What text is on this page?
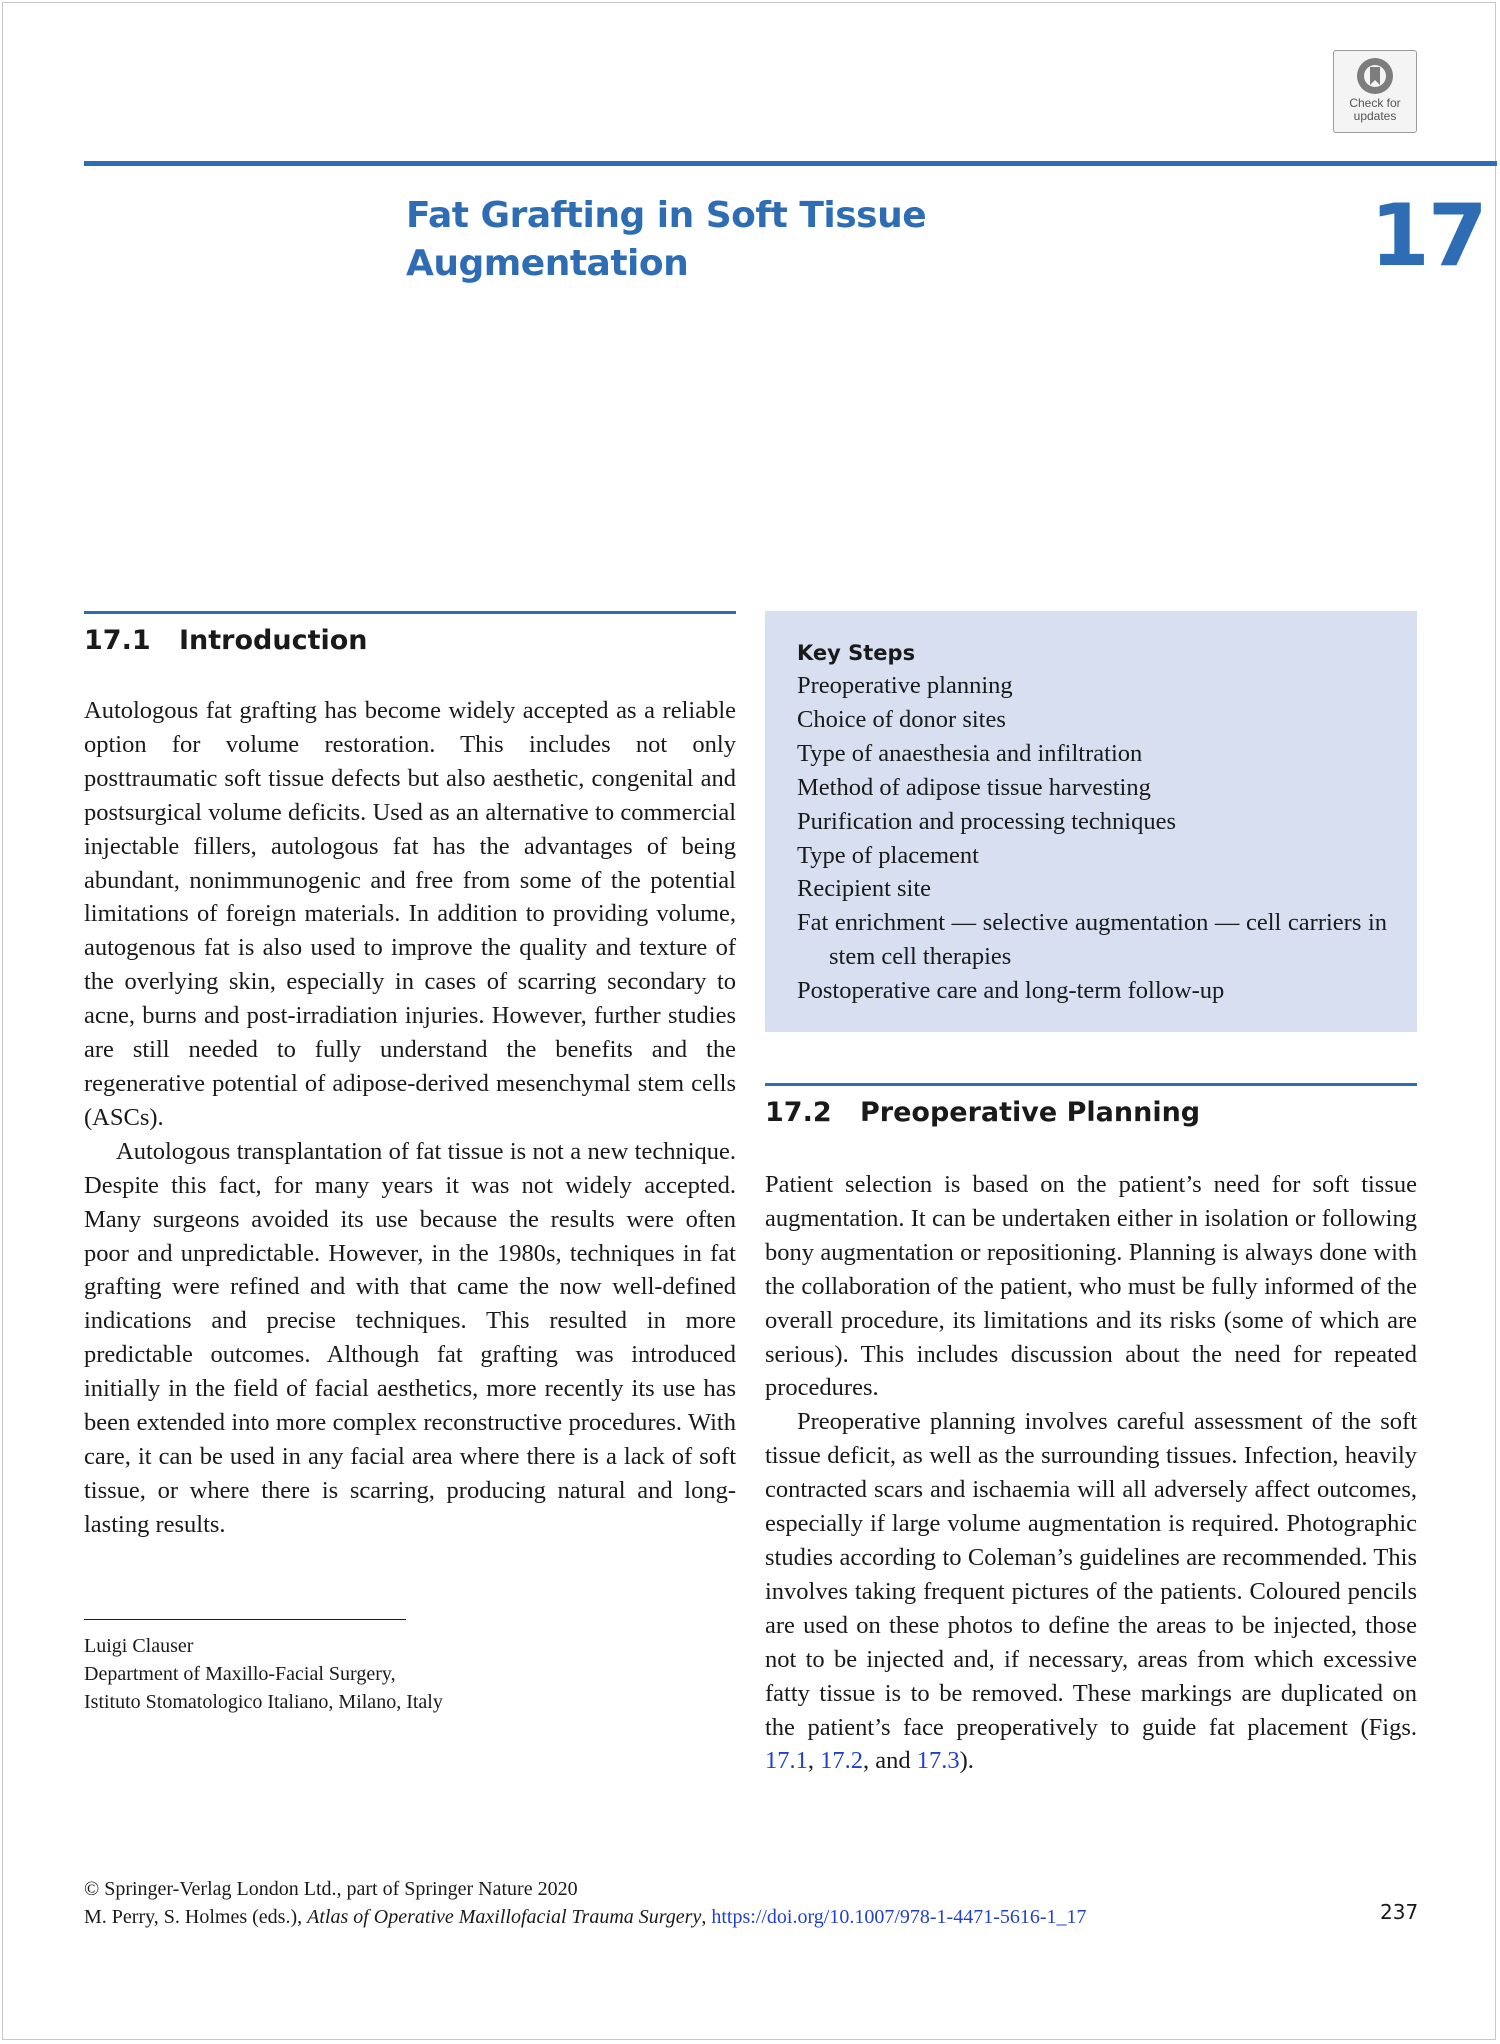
Check for
updates
Fat Grafting in Soft Tissue
Augmentation	17
17.1 Introduction

Autologous fat grafting has become widely accepted as a reliable option for volume restoration. This includes not only posttraumatic soft tissue defects but also aesthetic, congenital and postsurgical volume deficits. Used as an alternative to commercial injectable fillers, autologous fat has the advantages of being abundant, nonimmunogenic and free from some of the potential limitations of foreign materials. In addition to providing volume, autogenous fat is also used to improve the quality and texture of the overlying skin, especially in cases of scarring secondary to acne, burns and post-irradiation injuries. However, further studies are still needed to fully understand the benefits and the regenerative potential of adipose-derived mesenchymal stem cells (ASCs).

Autologous transplantation of fat tissue is not a new technique. Despite this fact, for many years it was not widely accepted. Many surgeons avoided its use because the results were often poor and unpredictable. However, in the 1980s, techniques in fat grafting were refined and with that came the now well-defined indications and precise techniques. This resulted in more predictable outcomes. Although fat grafting was introduced initially in the field of facial aesthetics, more recently its use has been extended into more complex reconstructive procedures. With care, it can be used in any facial area where there is a lack of soft tissue, or where there is scarring, producing natural and long-lasting results.

Key Steps
Preoperative planning
Choice of donor sites
Type of anaesthesia and infiltration
Method of adipose tissue harvesting
Purification and processing techniques
Type of placement
Recipient site
Fat enrichment — selective augmentation — cell carriers in stem cell therapies
Postoperative care and long-term follow-up
17.2 Preoperative Planning

Patient selection is based on the patient’s need for soft tissue augmentation. It can be undertaken either in isolation or following bony augmentation or repositioning. Planning is always done with the collaboration of the patient, who must be fully informed of the overall procedure, its limitations and its risks (some of which are serious). This includes discussion about the need for repeated procedures.

Preoperative planning involves careful assessment of the soft tissue deficit, as well as the surrounding tissues. Infection, heavily contracted scars and ischaemia will all adversely affect outcomes, especially if large volume augmentation is required. Photographic studies according to Coleman’s guidelines are recommended. This involves taking frequent pictures of the patients. Coloured pencils are used on these photos to define the areas to be injected, those not to be injected and, if necessary, areas from which excessive fatty tissue is to be removed. These markings are duplicated on the patient’s face preoperatively to guide fat placement (Figs. 17.1, 17.2, and 17.3).

Luigi Clauser
Department of Maxillo-Facial Surgery,
Istituto Stomatologico Italiano, Milano, Italy
© Springer-Verlag London Ltd., part of Springer Nature 2020
M. Perry, S. Holmes (eds.), Atlas of Operative Maxillofacial Trauma Surgery, https://doi.org/10.1007/978-1-4471-5616-1_17	237
